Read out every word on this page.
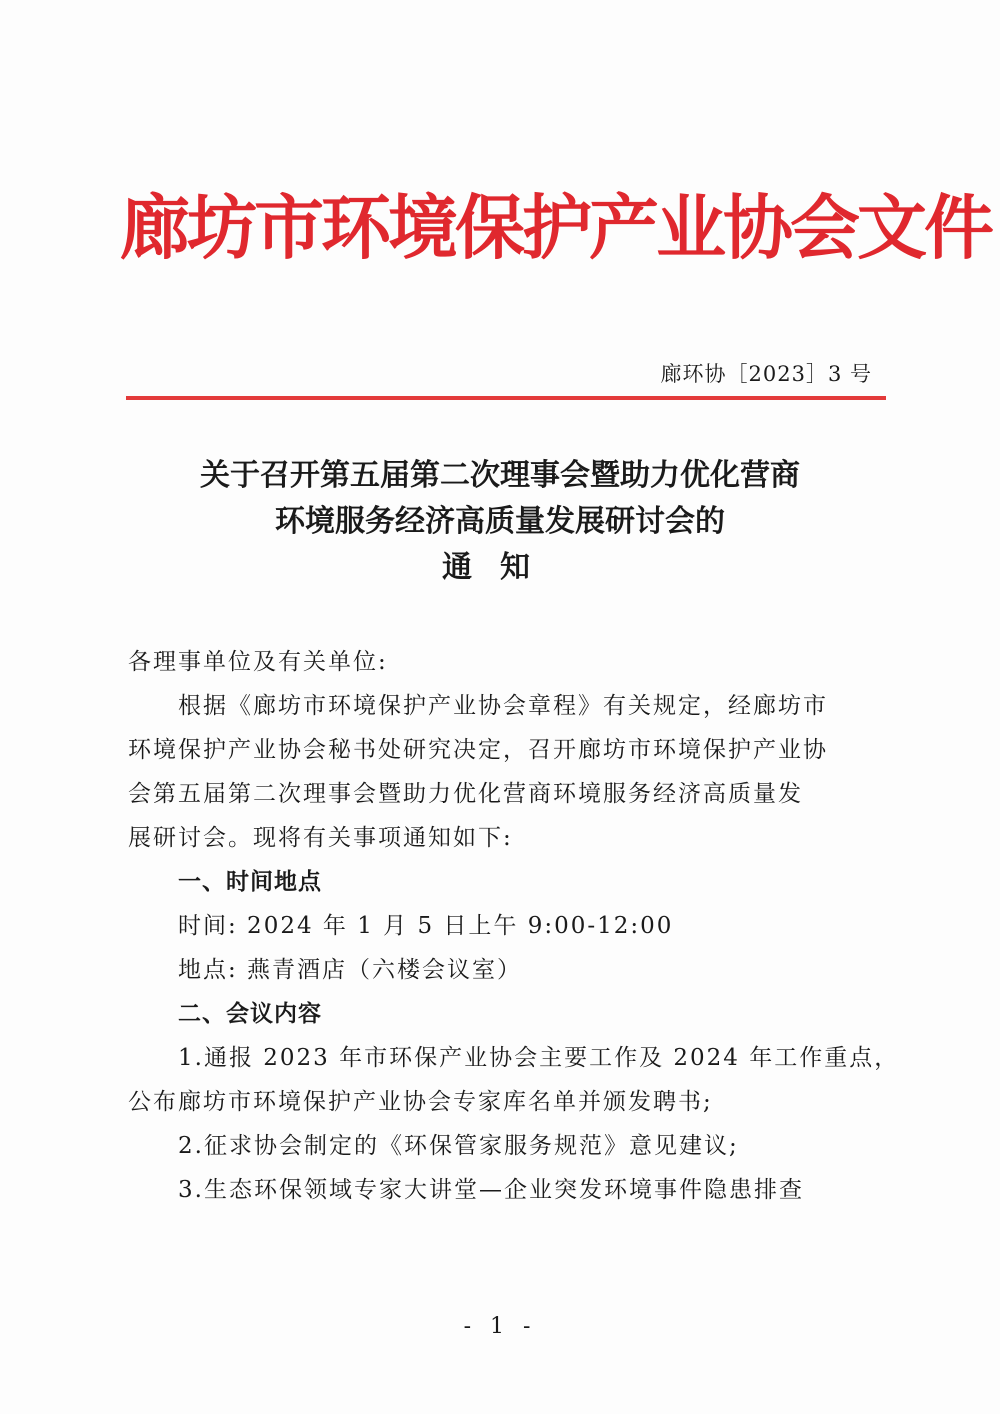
廊坊市环境保护产业协会文件
廊环协［2023］3 号
关于召开第五届第二次理事会暨助力优化营商
环境服务经济高质量发展研讨会的
通知

各理事单位及有关单位:

根据《廊坊市环境保护产业协会章程》有关规定，经廊坊市

环境保护产业协会秘书处研究决定，召开廊坊市环境保护产业协

会第五届第二次理事会暨助力优化营商环境服务经济高质量发

展研讨会。现将有关事项通知如下:

一、时间地点

时间: 2024 年 1 月 5 日上午 9:00-12:00

地点: 燕青酒店（六楼会议室）

二、会议内容

1.通报 2023 年市环保产业协会主要工作及 2024 年工作重点，

公布廊坊市环境保护产业协会专家库名单并颁发聘书;

2.征求协会制定的《环保管家服务规范》意见建议;

3.生态环保领域专家大讲堂—企业突发环境事件隐患排查

- 1 -
